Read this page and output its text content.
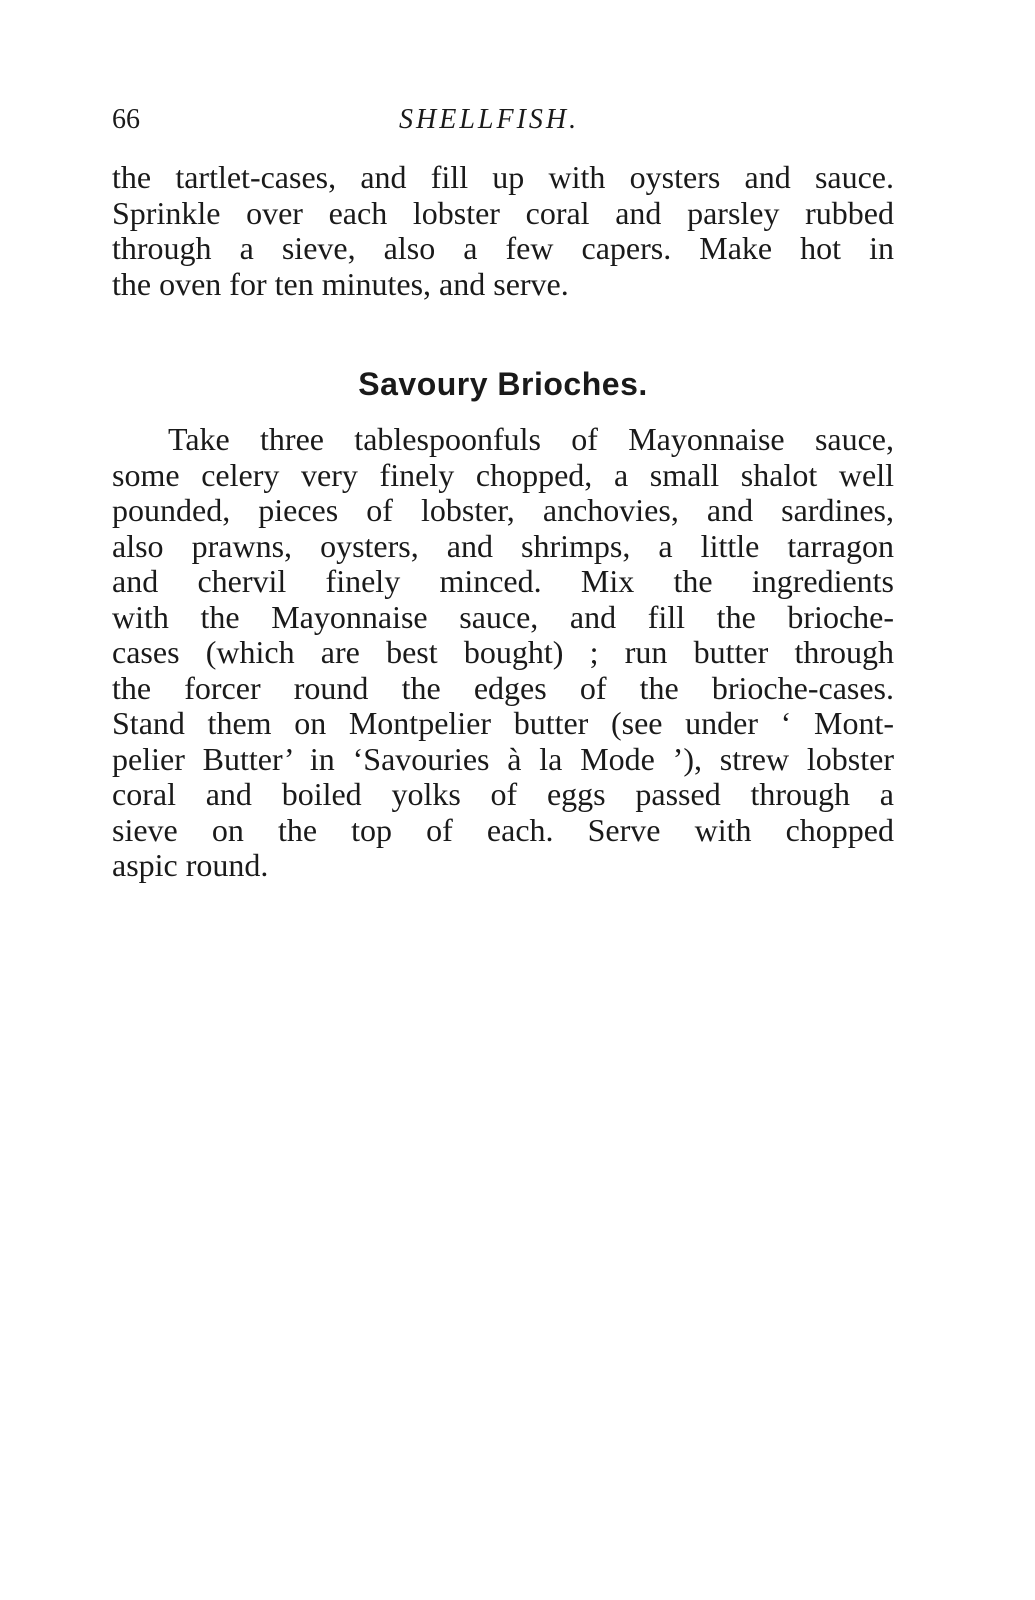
66	SHELLFISH.
the tartlet-cases, and fill up with oysters and sauce.
Sprinkle over each lobster coral and parsley rubbed
through a sieve, also a few capers. Make hot in
the oven for ten minutes, and serve.
Savoury Brioches.
Take three tablespoonfuls of Mayonnaise sauce,
some celery very finely chopped, a small shalot well
pounded, pieces of lobster, anchovies, and sardines,
also prawns, oysters, and shrimps, a little tarragon
and chervil finely minced. Mix the ingredients
with the Mayonnaise sauce, and fill the brioche-
cases (which are best bought) ; run butter through
the forcer round the edges of the brioche-cases.
Stand them on Montpelier butter (see under ‘ Mont-
pelier Butter’ in ‘Savouries à la Mode ’), strew lobster
coral and boiled yolks of eggs passed through a
sieve on the top of each. Serve with chopped
aspic round.
